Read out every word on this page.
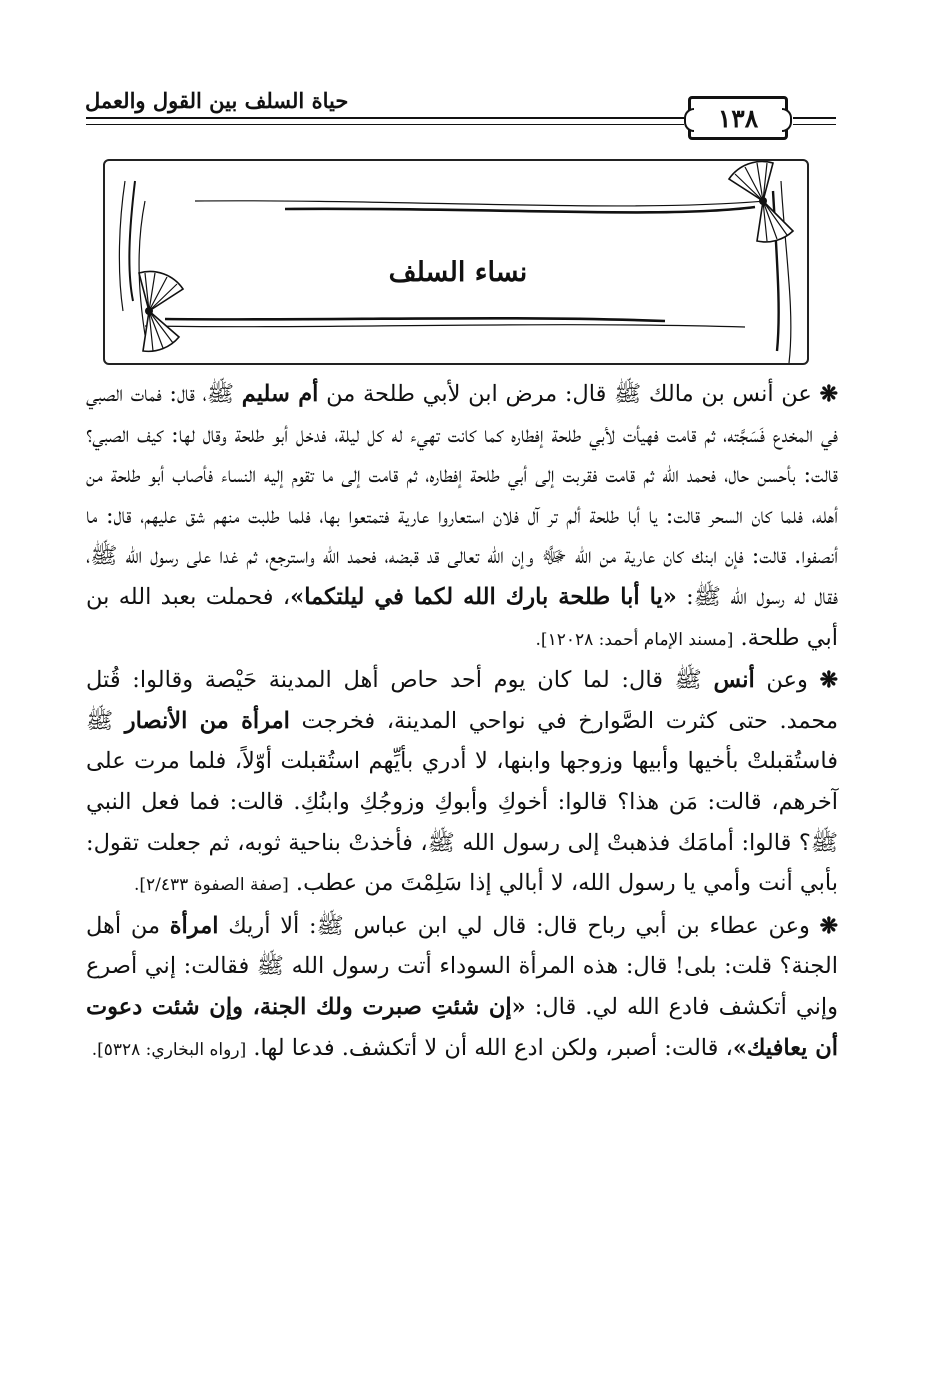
حياة السلف بين القول والعمل
١٣٨
نساء السلف

❋ عن أنس بن مالك ﷺ قال: مرض ابن لأبي طلحة من أم سليم ﷺ، قال: فمات الصبي في المخدع فَسَجَّته، ثم قامت فهيأت لأبي طلحة إفطاره كما كانت تهيء له كل ليلة، فدخل أبو طلحة وقال لها: كيف الصبي؟ قالت: بأحسن حال، فحمد الله ثم قامت فقربت إلى أبي طلحة إفطاره، ثم قامت إلى ما تقوم إليه النساء فأصاب أبو طلحة من أهله، فلما كان السحر قالت: يا أبا طلحة ألم تر آل فلان استعاروا عارية فتمتعوا بها، فلما طلبت منهم شق عليهم، قال: ما أنصفوا. قالت: فإن ابنك كان عارية من الله ﷻ وإن الله تعالى قد قبضه، فحمد الله واسترجع، ثم غدا على رسول الله ﷺ، فقال له رسول الله ﷺ: «يا أبا طلحة بارك الله لكما في ليلتكما»، فحملت بعبد الله بن أبي طلحة. [مسند الإمام أحمد: ١٢٠٢٨].

❋ وعن أنس ﷺ قال: لما كان يوم أحد حاص أهل المدينة حَيْصة وقالوا: قُتل محمد. حتى كثرت الصَّوارخ في نواحي المدينة، فخرجت امرأة من الأنصار ﷺ فاستُقبلتْ بأخيها وأبيها وزوجها وابنها، لا أدري بأيِّهم استُقبلت أوّلاً، فلما مرت على آخرهم، قالت: مَن هذا؟ قالوا: أخوكِ وأبوكِ وزوجُكِ وابنُكِ. قالت: فما فعل النبي ﷺ؟ قالوا: أمامَك فذهبتْ إلى رسول الله ﷺ، فأخذتْ بناحية ثوبه، ثم جعلت تقول: بأبي أنت وأمي يا رسول الله، لا أبالي إذا سَلِمْتَ من عطب. [صفة الصفوة ٢/٤٣٣].

❋ وعن عطاء بن أبي رباح قال: قال لي ابن عباس ﷺ: ألا أريك امرأة من أهل الجنة؟ قلت: بلى! قال: هذه المرأة السوداء أتت رسول الله ﷺ فقالت: إني أصرع وإني أتكشف فادع الله لي. قال: «إن شئتِ صبرت ولك الجنة، وإن شئت دعوت أن يعافيك»، قالت: أصبر، ولكن ادع الله أن لا أتكشف. فدعا لها. [رواه البخاري: ٥٣٢٨].
